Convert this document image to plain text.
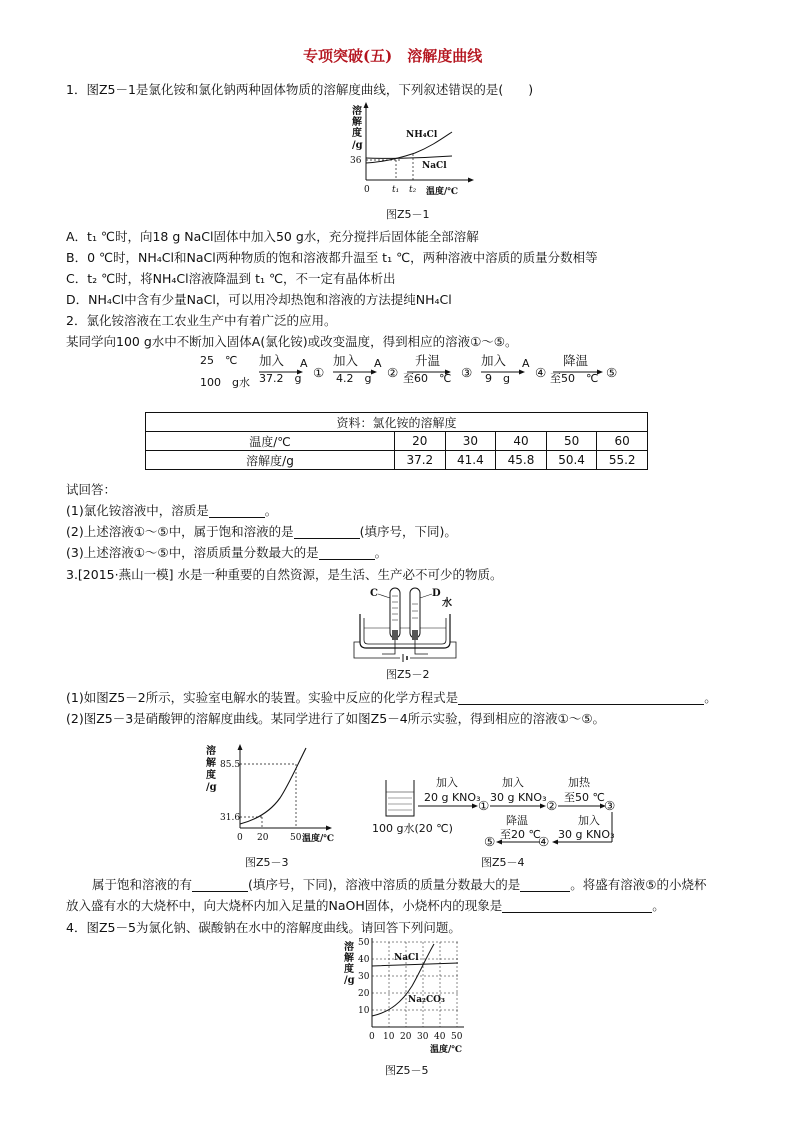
专项突破(五)　溶解度曲线
1．图Z5－1是氯化铵和氯化钠两种固体物质的溶解度曲线，下列叙述错误的是(　　)
溶
解
度
/g
36
NH₄Cl
NaCl
0 t₁ t₂ 温度/℃
图Z5－1
A．t₁ ℃时，向18 g NaCl固体中加入50 g水，充分搅拌后固体能全部溶解
B．0 ℃时，NH₄Cl和NaCl两种物质的饱和溶液都升温至 t₁ ℃，两种溶液中溶质的质量分数相等
C．t₂ ℃时，将NH₄Cl溶液降温到 t₁ ℃，不一定有晶体析出
D．NH₄Cl中含有少量NaCl，可以用冷却热饱和溶液的方法提纯NH₄Cl
2．氯化铵溶液在工农业生产中有着广泛的应用。
某同学向100 g水中不断加入固体A(氯化铵)或改变温度，得到相应的溶液①～⑤。
25　℃
100　g水
加入
37.2　g
A
①
加入
4.2　g
A
②
升温
至60　℃ ③
加入
9　g
A
④
降温
至50　℃ ⑤
资料：氯化铵的溶解度					
温度/℃	20	30	40	50	60
溶解度/g	37.2	41.4	45.8	50.4	55.2
试回答：
(1)氯化铵溶液中，溶质是	。
(2)上述溶液①～⑤中，属于饱和溶液的是	(填序号，下同)。
(3)上述溶液①～⑤中，溶质质量分数最大的是	。
3.[2015·燕山一模] 水是一种重要的自然资源，是生活、生产必不可少的物质。
C	D
水
图Z5－2
(1)如图Z5－2所示，实验室电解水的装置。实验中反应的化学方程式是	。
(2)图Z5－3是硝酸钾的溶解度曲线。某同学进行了如图Z5－4所示实验，得到相应的溶液①～⑤。
溶
解
度
/g
85.5
31.6
0 20 50 温度/℃
图Z5－3
100 g水(20 ℃)
加入
20 g KNO₃
①
加入
30 g KNO₃
②
加热
至50 ℃
③
加入
30 g KNO₃
④
降温
至20 ℃
⑤
图Z5－4
属于饱和溶液的有	(填序号，下同)，溶液中溶质的质量分数最大的是	。将盛有溶液⑤的小烧杯
放入盛有水的大烧杯中，向大烧杯内加入足量的NaOH固体，小烧杯内的现象是	。
4．图Z5－5为氯化钠、碳酸钠在水中的溶解度曲线。请回答下列问题。
溶
解
度
/g
50
40
30
20
10
NaCl
Na₂CO₃
0 10 20 30 40 50
温度/℃
图Z5－5
